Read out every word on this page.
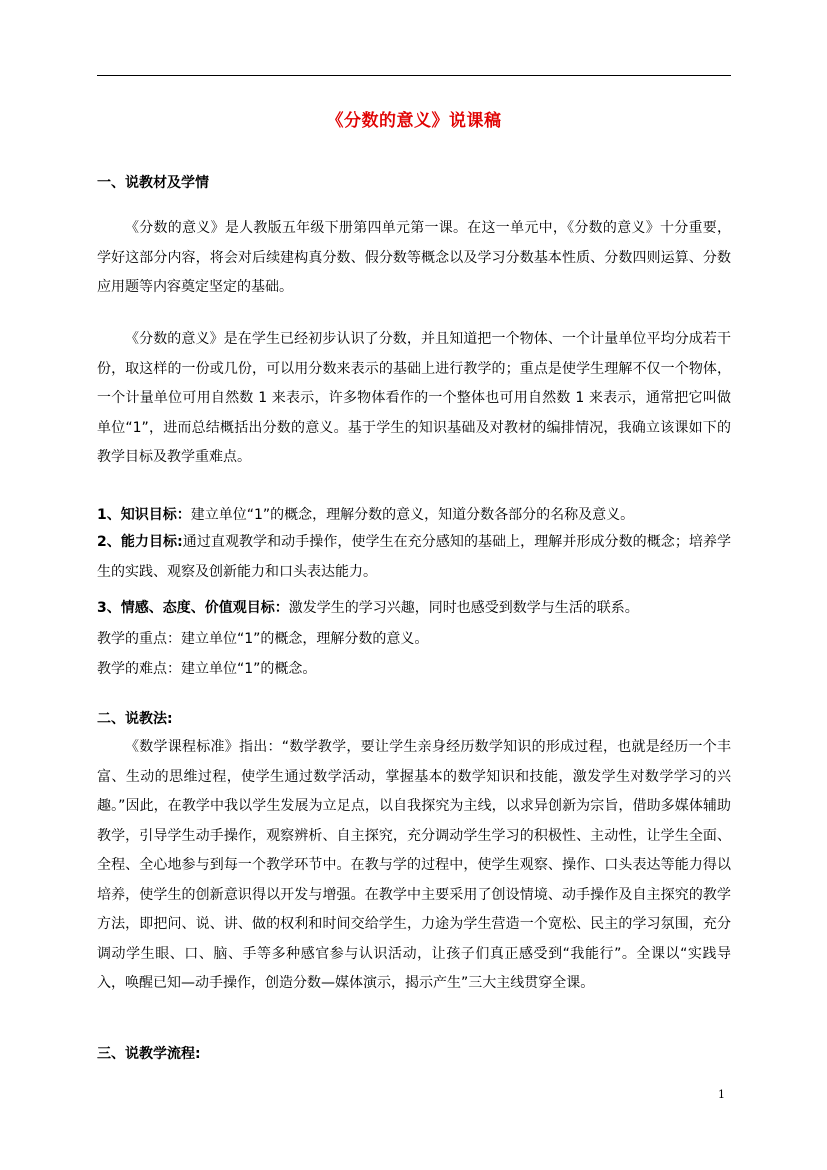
《分数的意义》说课稿
一、说教材及学情
《分数的意义》是人教版五年级下册第四单元第一课。在这一单元中，《分数的意义》十分重要，学好这部分内容，将会对后续建构真分数、假分数等概念以及学习分数基本性质、分数四则运算、分数应用题等内容奠定坚定的基础。
《分数的意义》是在学生已经初步认识了分数，并且知道把一个物体、一个计量单位平均分成若干份，取这样的一份或几份，可以用分数来表示的基础上进行教学的；重点是使学生理解不仅一个物体，一个计量单位可用自然数 1 来表示，许多物体看作的一个整体也可用自然数 1 来表示，通常把它叫做单位“1”，进而总结概括出分数的意义。基于学生的知识基础及对教材的编排情况，我确立该课如下的教学目标及教学重难点。
1、知识目标：建立单位“1”的概念，理解分数的意义，知道分数各部分的名称及意义。
2、能力目标:通过直观教学和动手操作，使学生在充分感知的基础上，理解并形成分数的概念；培养学生的实践、观察及创新能力和口头表达能力。
3、情感、态度、价值观目标：激发学生的学习兴趣，同时也感受到数学与生活的联系。
教学的重点：建立单位“1”的概念，理解分数的意义。
教学的难点：建立单位“1”的概念。
二、说教法:
《数学课程标准》指出：“数学教学，要让学生亲身经历数学知识的形成过程，也就是经历一个丰富、生动的思维过程，使学生通过数学活动，掌握基本的数学知识和技能，激发学生对数学学习的兴趣。”因此，在教学中我以学生发展为立足点，以自我探究为主线，以求异创新为宗旨，借助多媒体辅助教学，引导学生动手操作，观察辨析、自主探究，充分调动学生学习的积极性、主动性，让学生全面、全程、全心地参与到每一个教学环节中。在教与学的过程中，使学生观察、操作、口头表达等能力得以培养，使学生的创新意识得以开发与增强。在教学中主要采用了创设情境、动手操作及自主探究的教学方法，即把问、说、讲、做的权利和时间交给学生，力途为学生营造一个宽松、民主的学习氛围，充分调动学生眼、口、脑、手等多种感官参与认识活动，让孩子们真正感受到“我能行”。全课以“实践导入，唤醒已知—动手操作，创造分数—媒体演示，揭示产生”三大主线贯穿全课。
三、说教学流程:
1
